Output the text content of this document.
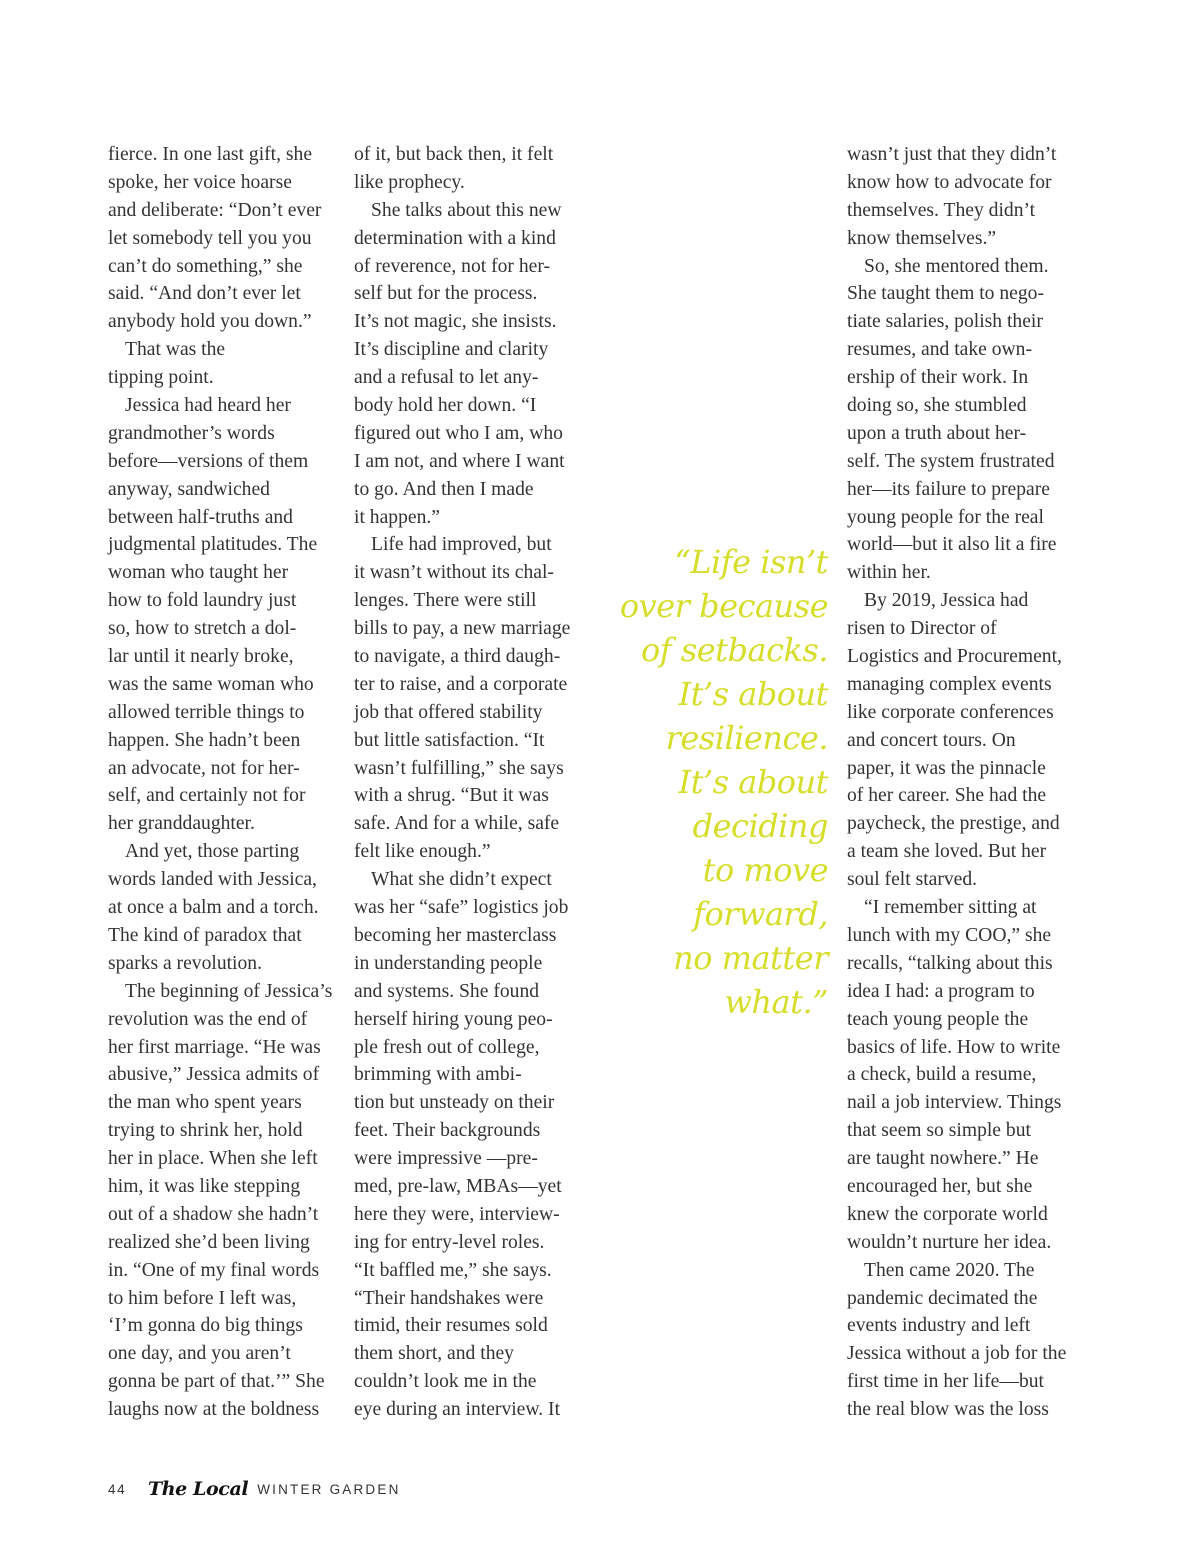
fierce. In one last gift, she
spoke, her voice hoarse
and deliberate: “Don’t ever
let somebody tell you you
can’t do something,” she
said. “And don’t ever let
anybody hold you down.”
That was the
tipping point.
Jessica had heard her
grandmother’s words
before—versions of them
anyway, sandwiched
between half-truths and
judgmental platitudes. The
woman who taught her
how to fold laundry just
so, how to stretch a dol-
lar until it nearly broke,
was the same woman who
allowed terrible things to
happen. She hadn’t been
an advocate, not for her-
self, and certainly not for
her granddaughter.
And yet, those parting
words landed with Jessica,
at once a balm and a torch.
The kind of paradox that
sparks a revolution.
The beginning of Jessica’s
revolution was the end of
her first marriage. “He was
abusive,” Jessica admits of
the man who spent years
trying to shrink her, hold
her in place. When she left
him, it was like stepping
out of a shadow she hadn’t
realized she’d been living
in. “One of my final words
to him before I left was,
‘I’m gonna do big things
one day, and you aren’t
gonna be part of that.’” She
laughs now at the boldness
of it, but back then, it felt
like prophecy.
She talks about this new
determination with a kind
of reverence, not for her-
self but for the process.
It’s not magic, she insists.
It’s discipline and clarity
and a refusal to let any-
body hold her down. “I
figured out who I am, who
I am not, and where I want
to go. And then I made
it happen.”
Life had improved, but
it wasn’t without its chal-
lenges. There were still
bills to pay, a new marriage
to navigate, a third daugh-
ter to raise, and a corporate
job that offered stability
but little satisfaction. “It
wasn’t fulfilling,” she says
with a shrug. “But it was
safe. And for a while, safe
felt like enough.”
What she didn’t expect
was her “safe” logistics job
becoming her masterclass
in understanding people
and systems. She found
herself hiring young peo-
ple fresh out of college,
brimming with ambi-
tion but unsteady on their
feet. Their backgrounds
were impressive —pre-
med, pre-law, MBAs—yet
here they were, interview-
ing for entry-level roles.
“It baffled me,” she says.
“Their handshakes were
timid, their resumes sold
them short, and they
couldn’t look me in the
eye during an interview. It
wasn’t just that they didn’t
know how to advocate for
themselves. They didn’t
know themselves.”
So, she mentored them.
She taught them to nego-
tiate salaries, polish their
resumes, and take own-
ership of their work. In
doing so, she stumbled
upon a truth about her-
self. The system frustrated
her—its failure to prepare
young people for the real
world—but it also lit a fire
within her.
By 2019, Jessica had
risen to Director of
Logistics and Procurement,
managing complex events
like corporate conferences
and concert tours. On
paper, it was the pinnacle
of her career. She had the
paycheck, the prestige, and
a team she loved. But her
soul felt starved.
“I remember sitting at
lunch with my COO,” she
recalls, “talking about this
idea I had: a program to
teach young people the
basics of life. How to write
a check, build a resume,
nail a job interview. Things
that seem so simple but
are taught nowhere.” He
encouraged her, but she
knew the corporate world
wouldn’t nurture her idea.
Then came 2020. The
pandemic decimated the
events industry and left
Jessica without a job for the
first time in her life—but
the real blow was the loss
“Life isn’t
over because
of setbacks.
It’s about
resilience.
It’s about
deciding
to move
forward,
no matter
what.”
44	The Local WINTER GARDEN
